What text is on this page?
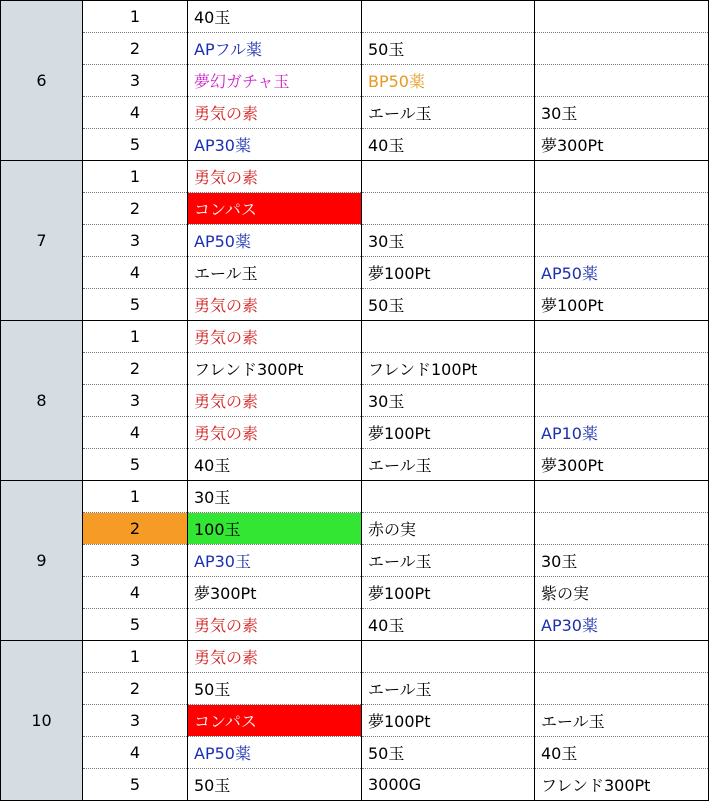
6	1	40玉		
	2	APフル薬	50玉	
	3	夢幻ガチャ玉	BP50薬	
	4	勇気の素	エール玉	30玉
	5	AP30薬	40玉	夢300Pt
7	1	勇気の素		
	2	コンパス		
	3	AP50薬	30玉	
	4	エール玉	夢100Pt	AP50薬
	5	勇気の素	50玉	夢100Pt
8	1	勇気の素		
	2	フレンド300Pt	フレンド100Pt	
	3	勇気の素	30玉	
	4	勇気の素	夢100Pt	AP10薬
	5	40玉	エール玉	夢300Pt
9	1	30玉		
	2	100玉	赤の実	
	3	AP30玉	エール玉	30玉
	4	夢300Pt	夢100Pt	紫の実
	5	勇気の素	40玉	AP30薬
10	1	勇気の素		
	2	50玉	エール玉	
	3	コンパス	夢100Pt	エール玉
	4	AP50薬	50玉	40玉
	5	50玉	3000G	フレンド300Pt
